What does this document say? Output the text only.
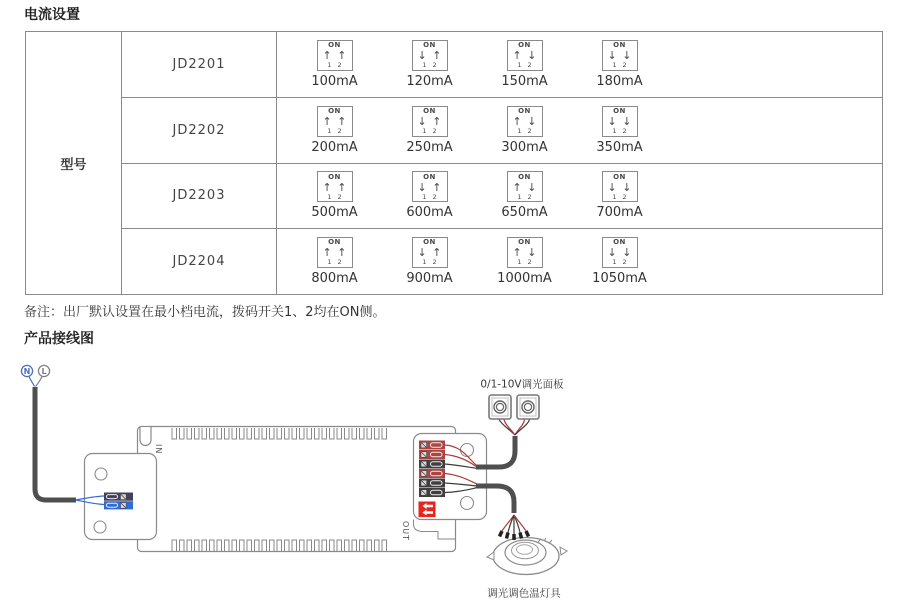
电流设置
型号
JD2201
ON
↑ ↑
1 2
100mA
ON
↓ ↑
1 2
120mA
ON
↑ ↓
1 2
150mA
ON
↓ ↓
1 2
180mA
JD2202
ON
↑ ↑
1 2
200mA
ON
↓ ↑
1 2
250mA
ON
↑ ↓
1 2
300mA
ON
↓ ↓
1 2
350mA
JD2203
ON
↑ ↑
1 2
500mA
ON
↓ ↑
1 2
600mA
ON
↑ ↓
1 2
650mA
ON
↓ ↓
1 2
700mA
JD2204
ON
↑ ↑
1 2
800mA
ON
↓ ↑
1 2
900mA
ON
↑ ↓
1 2
1000mA
ON
↓ ↓
1 2
1050mA
备注：出厂默认设置在最小档电流，拨码开关1、2均在ON侧。
产品接线图
IN
OUT
N L
0/1-10V调光面板
调光调色温灯具
